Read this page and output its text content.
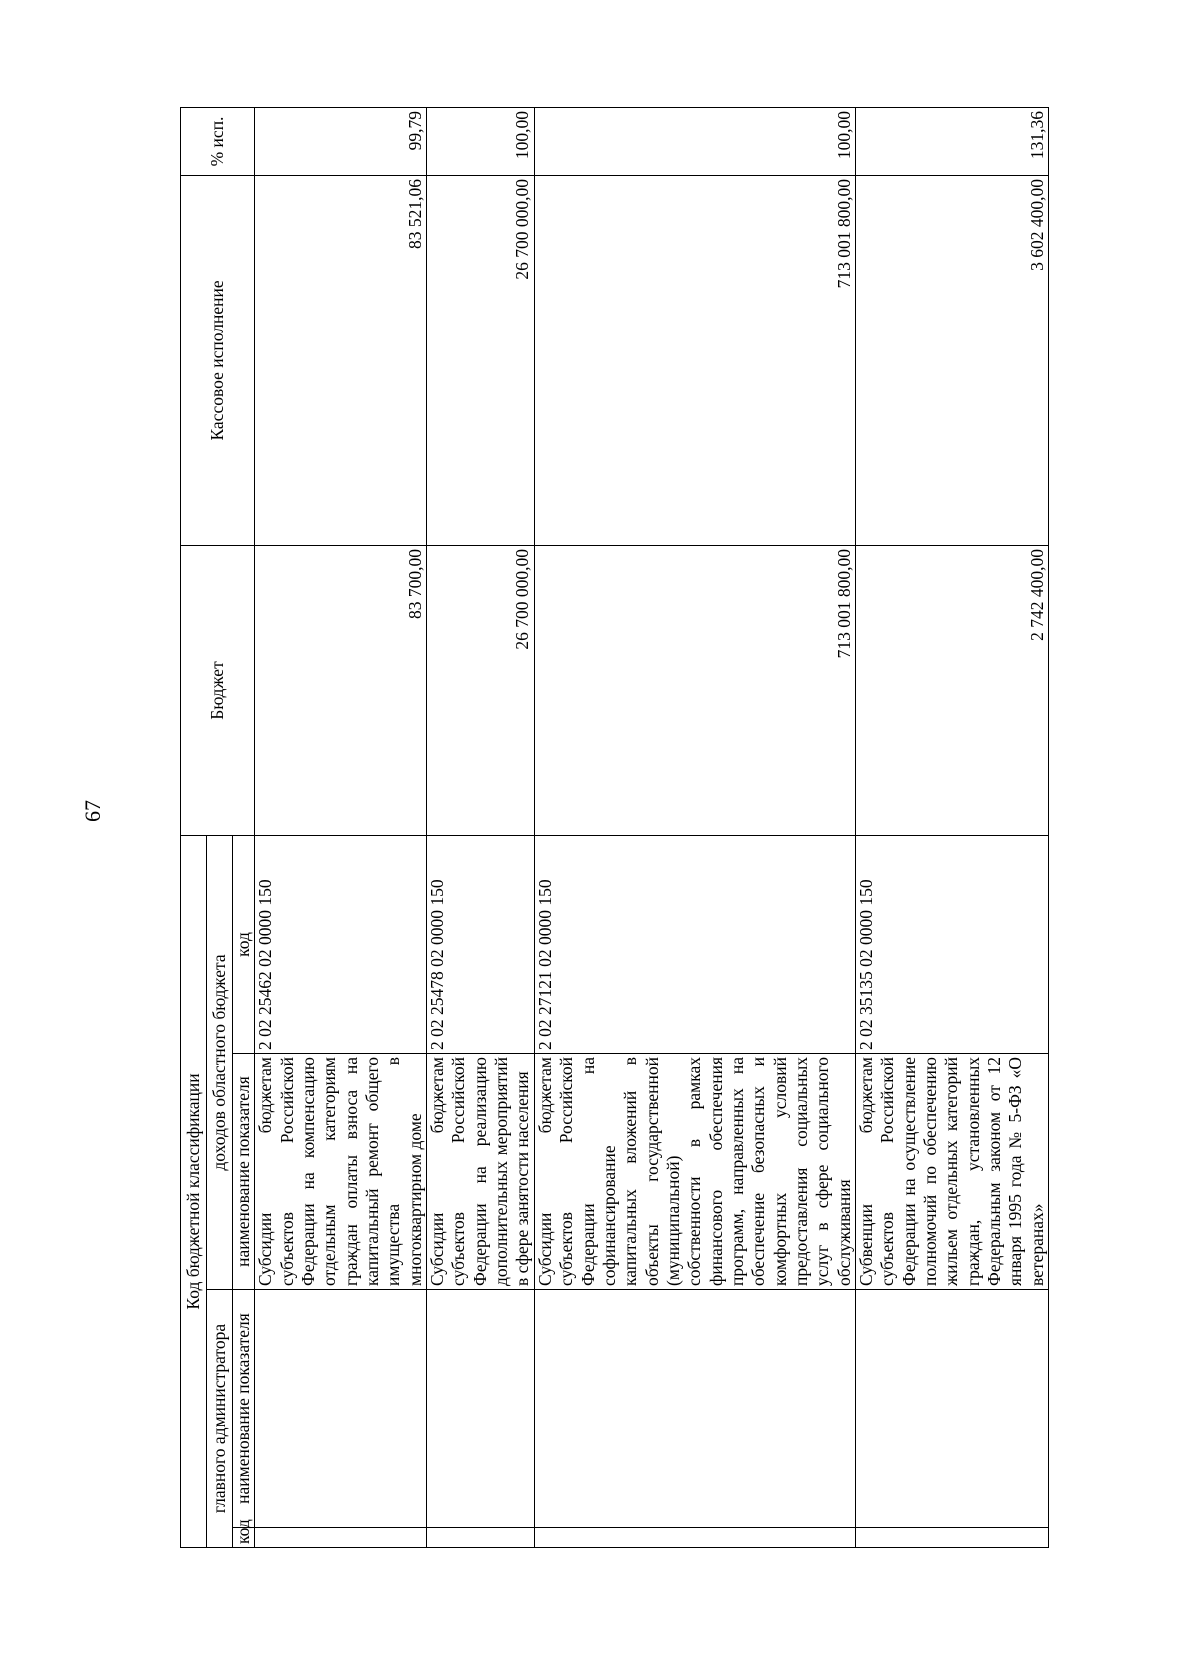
67
Код бюджетной классификации				Бюджет	Кассовое исполнение	% исп.
главного администратора		доходов областного бюджета				
код	наименование показателя	наименование показателя	код			
		Субсидии бюджетам субъектов Российской Федерации на компенсацию отдельным категориям граждан оплаты взноса на капитальный ремонт общего имущества в многоквартирном доме	2 02 25462 02 0000 150	83 700,00	83 521,06	99,79
		Субсидии бюджетам субъектов Российской Федерации на реализацию дополнительных мероприятий в сфере занятости населения	2 02 25478 02 0000 150	26 700 000,00	26 700 000,00	100,00
		Субсидии бюджетам субъектов Российской Федерации на софинансирование капитальных вложений в объекты государственной (муниципальной) собственности в рамках финансового обеспечения программ, направленных на обеспечение безопасных и комфортных условий предоставления социальных услуг в сфере социального обслуживания	2 02 27121 02 0000 150	713 001 800,00	713 001 800,00	100,00
		Субвенции бюджетам субъектов Российской Федерации на осуществление полномочий по обеспечению жильем отдельных категорий граждан, установленных Федеральным законом от 12 января 1995 года № 5-ФЗ «О ветеранах»	2 02 35135 02 0000 150	2 742 400,00	3 602 400,00	131,36
